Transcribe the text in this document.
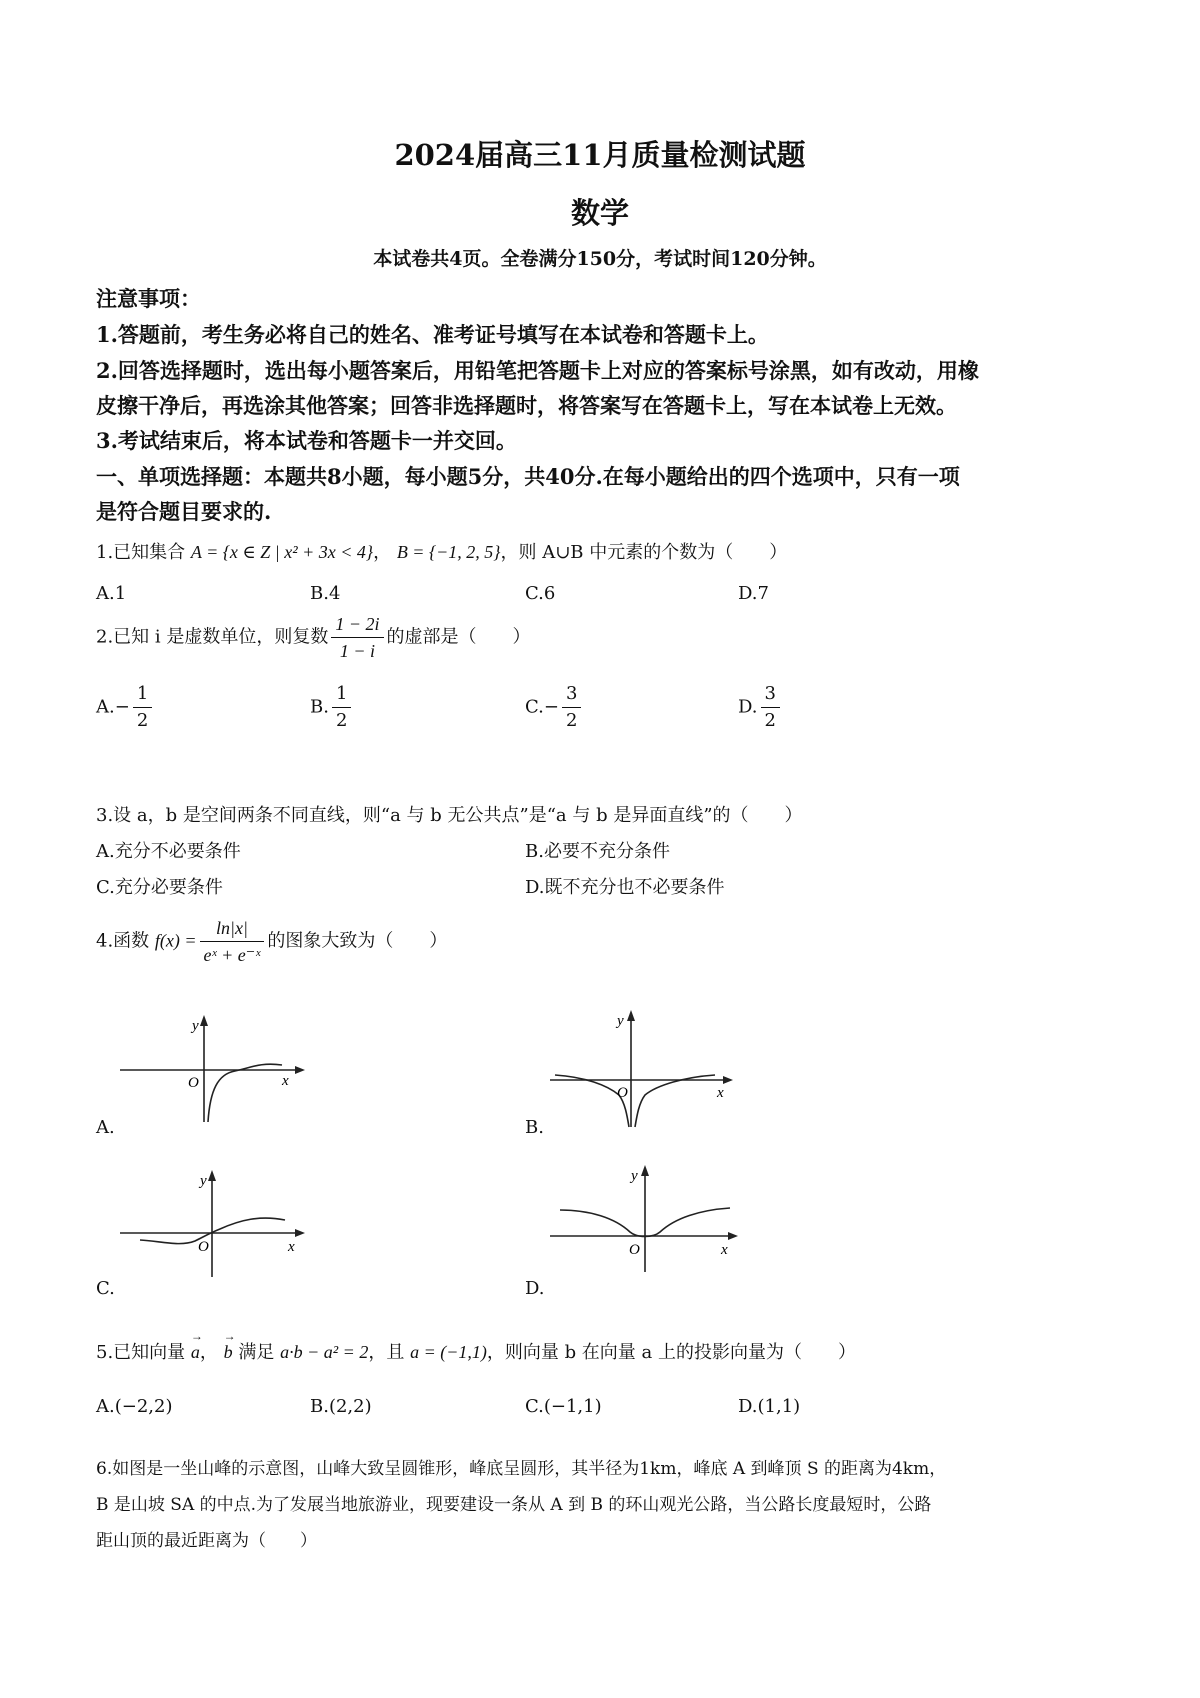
2024届高三11月质量检测试题
数学
本试卷共4页。全卷满分150分，考试时间120分钟。
注意事项：
1.答题前，考生务必将自己的姓名、准考证号填写在本试卷和答题卡上。
2.回答选择题时，选出每小题答案后，用铅笔把答题卡上对应的答案标号涂黑，如有改动，用橡
皮擦干净后，再选涂其他答案；回答非选择题时，将答案写在答题卡上，写在本试卷上无效。
3.考试结束后，将本试卷和答题卡一并交回。
一、单项选择题：本题共8小题，每小题5分，共40分.在每小题给出的四个选项中，只有一项
是符合题目要求的.
1.已知集合 A = {x ∈ Z | x² + 3x < 4}， B = {−1, 2, 5}，则 A∪B 中元素的个数为（　　）
A.1	B.4	C.6	D.7
2.已知 i 是虚数单位，则复数 $\frac{1 - 2i}{1 - i}$ 的虚部是（　　）
$A.- \frac{1}{2}$	B. $\frac{1}{2}$	$C.- \frac{3}{2}$	D. $\frac{3}{2}$
3.设 a，b 是空间两条不同直线，则“a 与 b 无公共点”是“a 与 b 是异面直线”的（　　）
A.充分不必要条件	B.必要不充分条件
C.充分必要条件	D.既不充分也不必要条件
4.函数 $f(x) = \frac{\ln|x|}{\text{eˣ + e⁻ˣ}}$ 的图象大致为（　　）
y
x
O
A.
y
x
O
B.
y
x
O
C.
y
x
O
D.
5.已知向量 → a， → b 满足 a·b − a² = 2，且 a = (−1,1)，则向量 b 在向量 a 上的投影向量为（　　）
A.(−2,2)	B.(2,2)	C.(−1,1)	D.(1,1)
6.如图是一坐山峰的示意图，山峰大致呈圆锥形，峰底呈圆形，其半径为1km，峰底 A 到峰顶 S 的距离为4km，
B 是山坡 SA 的中点.为了发展当地旅游业，现要建设一条从 A 到 B 的环山观光公路，当公路长度最短时，公路
距山顶的最近距离为（　　）
